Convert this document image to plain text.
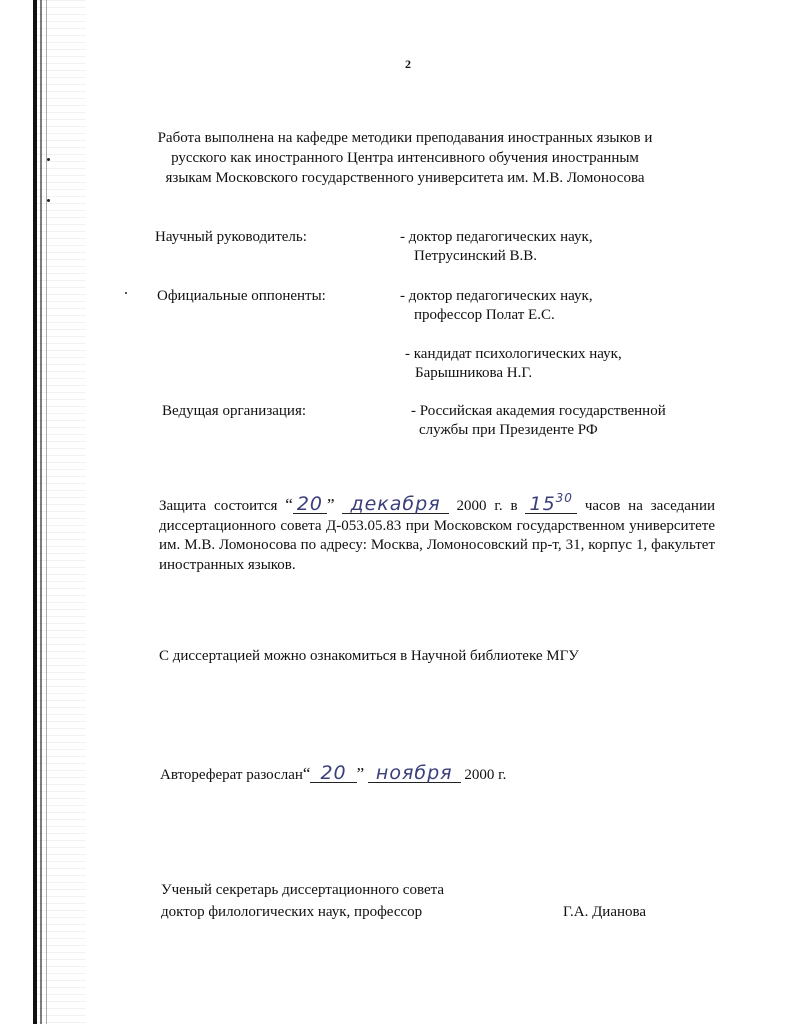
2
Работа выполнена на кафедре методики преподавания иностранных языков и
русского как иностранного Центра интенсивного обучения иностранным
языкам Московского государственного университета им. М.В. Ломоносова
Научный руководитель:	- доктор педагогических наук,
Петрусинский В.В.
Официальные оппоненты:	- доктор педагогических наук,
профессор Полат Е.С.
- кандидат психологических наук,
Барышникова Н.Г.
Ведущая организация:	- Российская академия государственной
службы при Президенте РФ
Защита состоится “ 20 ” декабря 2000 г. в $15^{30}$ часов на заседании диссертационного совета Д-053.05.83 при Московском государственном университете им. М.В. Ломоносова по адресу: Москва, Ломоносовский пр-т, 31, корпус 1, факультет иностранных языков.
С диссертацией можно ознакомиться в Научной библиотеке МГУ
Автореферат разослан“ 20 ” ноября 2000 г.
Ученый секретарь диссертационного совета
доктор филологических наук, профессор	Г.А. Дианова
